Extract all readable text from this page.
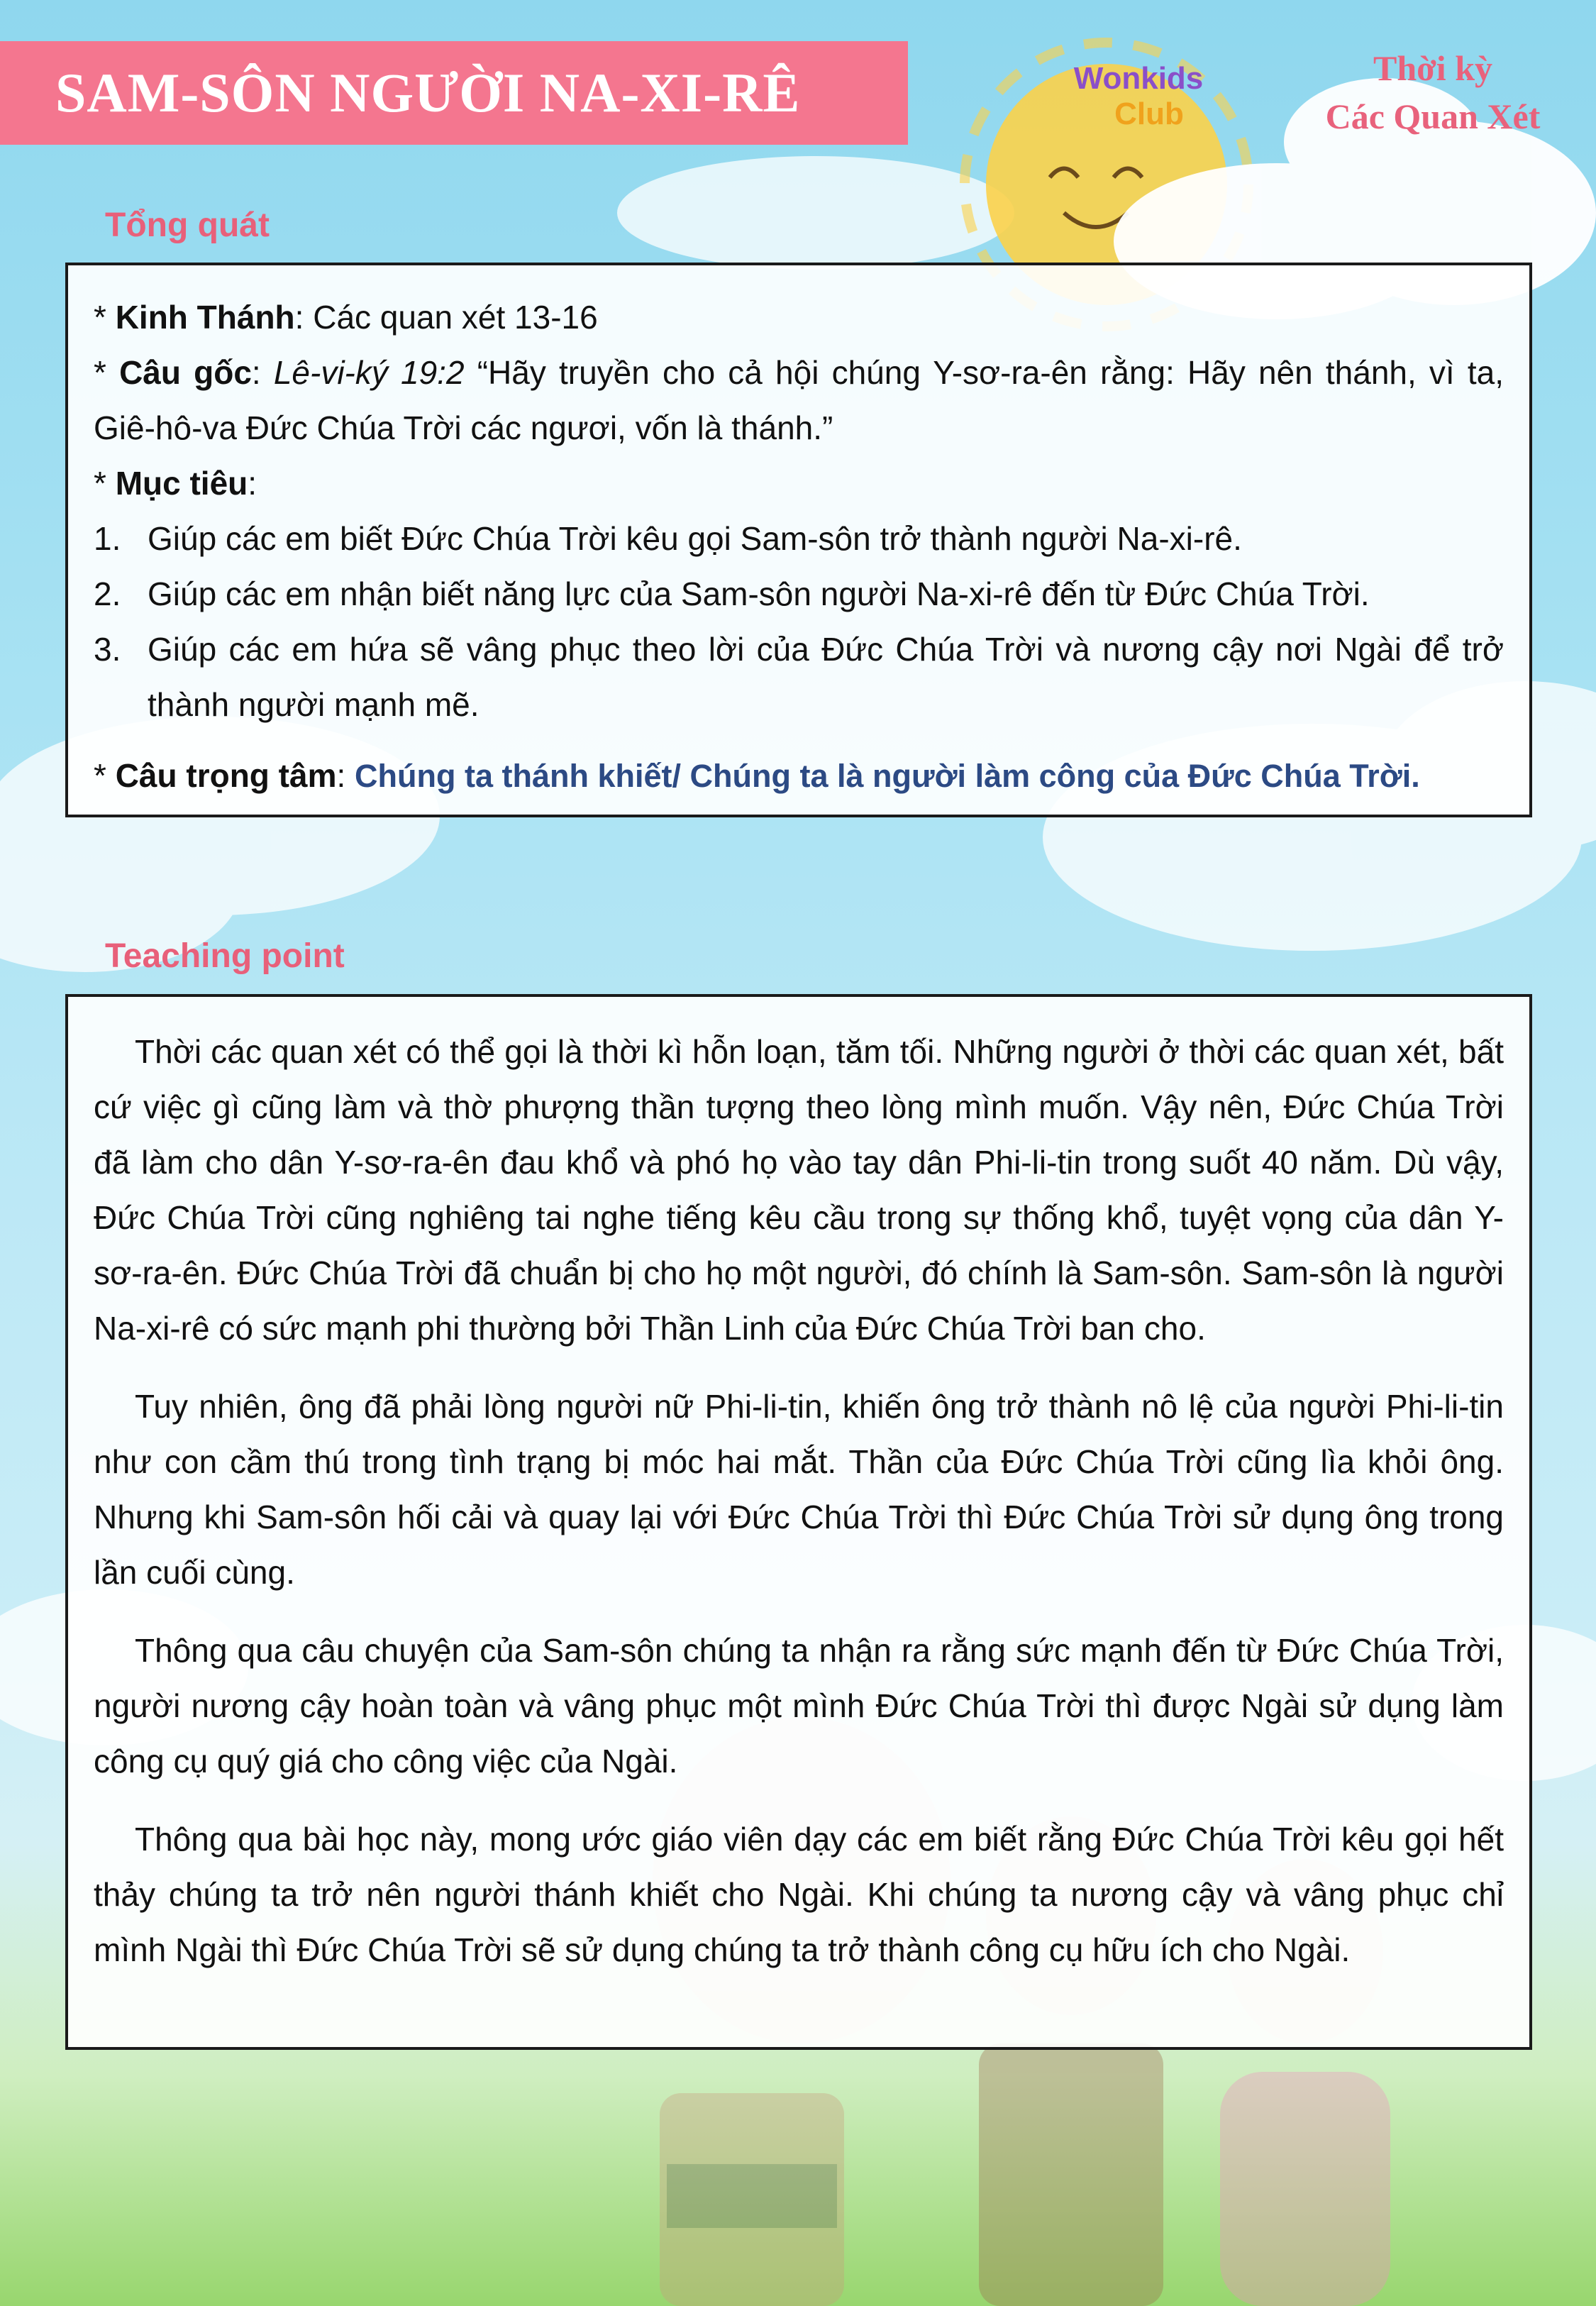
SAM-SÔN NGƯỜI NA-XI-RÊ	Wonkids
Club
Thời kỳ
Các Quan Xét
Tổng quát

* Kinh Thánh: Các quan xét 13-16

* Câu gốc: Lê-vi-ký 19:2 “Hãy truyền cho cả hội chúng Y-sơ-ra-ên rằng: Hãy nên thánh, vì ta, Giê-hô-va Đức Chúa Trời các ngươi, vốn là thánh.”

* Mục tiêu:

1. Giúp các em biết Đức Chúa Trời kêu gọi Sam-sôn trở thành người Na-xi-rê.
2. Giúp các em nhận biết năng lực của Sam-sôn người Na-xi-rê đến từ Đức Chúa Trời.
3. Giúp các em hứa sẽ vâng phục theo lời của Đức Chúa Trời và nương cậy nơi Ngài để trở thành người mạnh mẽ.

* Câu trọng tâm: Chúng ta thánh khiết/ Chúng ta là người làm công của Đức Chúa Trời.

Teaching point

Thời các quan xét có thể gọi là thời kì hỗn loạn, tăm tối. Những người ở thời các quan xét, bất cứ việc gì cũng làm và thờ phượng thần tượng theo lòng mình muốn. Vậy nên, Đức Chúa Trời đã làm cho dân Y-sơ-ra-ên đau khổ và phó họ vào tay dân Phi-li-tin trong suốt 40 năm. Dù vậy, Đức Chúa Trời cũng nghiêng tai nghe tiếng kêu cầu trong sự thống khổ, tuyệt vọng của dân Y-sơ-ra-ên. Đức Chúa Trời đã chuẩn bị cho họ một người, đó chính là Sam-sôn. Sam-sôn là người Na-xi-rê có sức mạnh phi thường bởi Thần Linh của Đức Chúa Trời ban cho.

Tuy nhiên, ông đã phải lòng người nữ Phi-li-tin, khiến ông trở thành nô lệ của người Phi-li-tin như con cầm thú trong tình trạng bị móc hai mắt. Thần của Đức Chúa Trời cũng lìa khỏi ông. Nhưng khi Sam-sôn hối cải và quay lại với Đức Chúa Trời thì Đức Chúa Trời sử dụng ông trong lần cuối cùng.

Thông qua câu chuyện của Sam-sôn chúng ta nhận ra rằng sức mạnh đến từ Đức Chúa Trời, người nương cậy hoàn toàn và vâng phục một mình Đức Chúa Trời thì được Ngài sử dụng làm công cụ quý giá cho công việc của Ngài.

Thông qua bài học này, mong ước giáo viên dạy các em biết rằng Đức Chúa Trời kêu gọi hết thảy chúng ta trở nên người thánh khiết cho Ngài. Khi chúng ta nương cậy và vâng phục chỉ mình Ngài thì Đức Chúa Trời sẽ sử dụng chúng ta trở thành công cụ hữu ích cho Ngài.
